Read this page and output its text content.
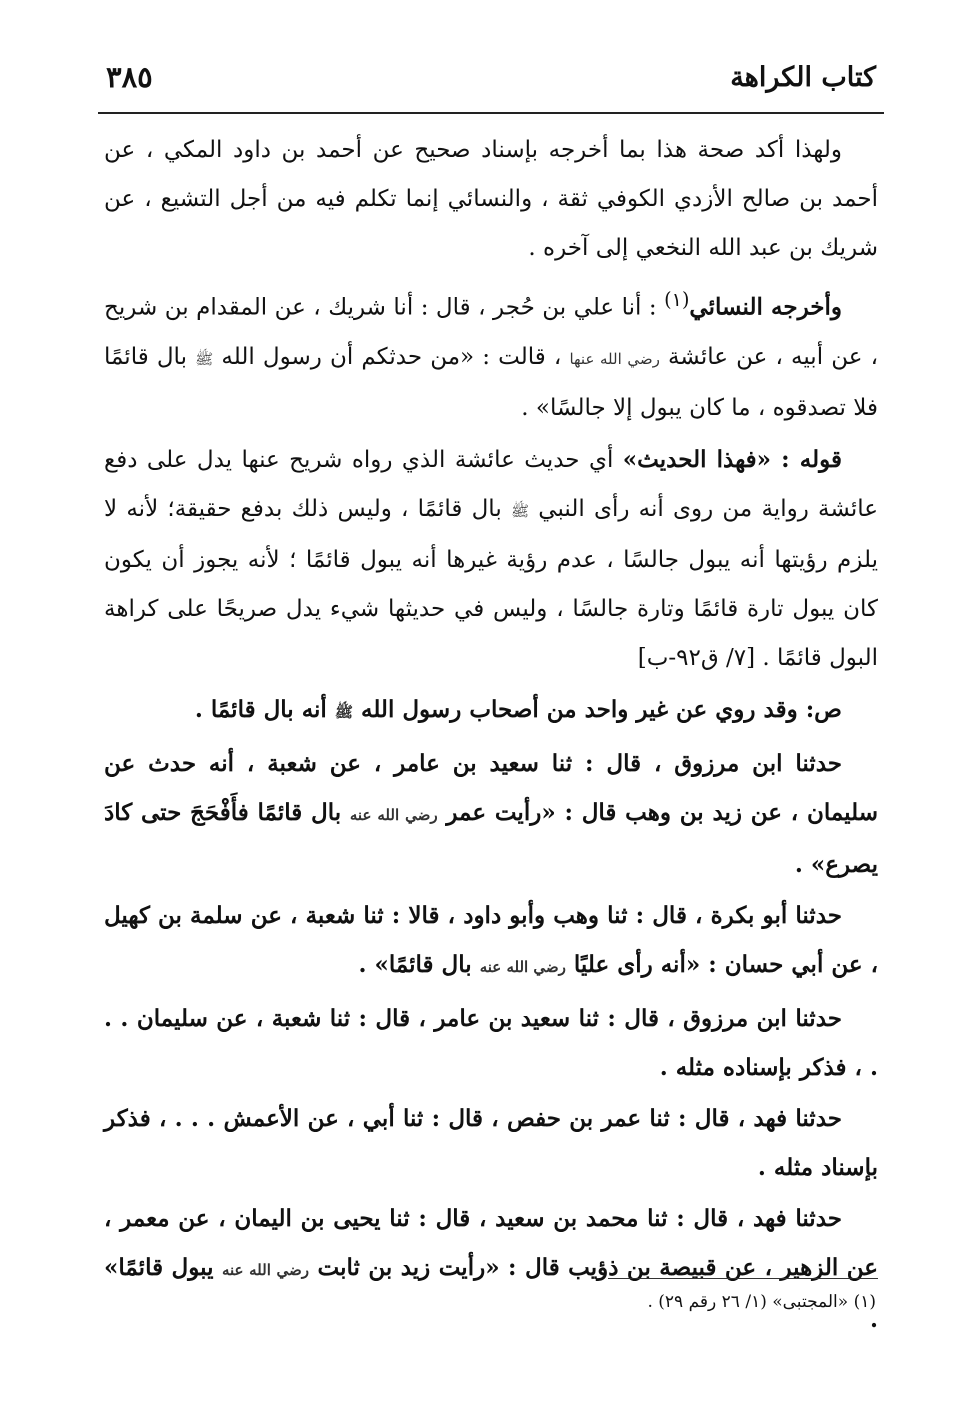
كتاب الكراهة
٣٨٥

ولهذا أكد صحة هذا بما أخرجه بإسناد صحيح عن أحمد بن داود المكي ، عن أحمد بن صالح الأزدي الكوفي ثقة ، والنسائي إنما تكلم فيه من أجل التشيع ، عن شريك بن عبد الله النخعي إلى آخره .

وأخرجه النسائي$^{(١)}$ : أنا علي بن حُجر ، قال : أنا شريك ، عن المقدام بن شريح ، عن أبيه ، عن عائشة رضي الله عنها ، قالت : «من حدثكم أن رسول الله ﷺ بال قائمًا فلا تصدقوه ، ما كان يبول إلا جالسًا» .

قوله : «فهذا الحديث» أي حديث عائشة الذي رواه شريح عنها يدل على دفع عائشة رواية من روى أنه رأى النبي ﷺ بال قائمًا ، وليس ذلك بدفع حقيقة؛ لأنه لا يلزم رؤيتها أنه يبول جالسًا ، عدم رؤية غيرها أنه يبول قائمًا ؛ لأنه يجوز أن يكون كان يبول تارة قائمًا وتارة جالسًا ، وليس في حديثها شيء يدل صريحًا على كراهة البول قائمًا . [٧/ ق٩٢-ب]

ص: وقد روي عن غير واحد من أصحاب رسول الله ﷺ أنه بال قائمًا .

حدثنا ابن مرزوق ، قال : ثنا سعيد بن عامر ، عن شعبة ، أنه حدث عن سليمان ، عن زيد بن وهب قال : «رأيت عمر رضي الله عنه بال قائمًا فأَفْحَجَ حتى كادَ يصرع» .

حدثنا أبو بكرة ، قال : ثنا وهب وأبو داود ، قالا : ثنا شعبة ، عن سلمة بن كهيل ، عن أبي حسان : «أنه رأى عليًا رضي الله عنه بال قائمًا» .

حدثنا ابن مرزوق ، قال : ثنا سعيد بن عامر ، قال : ثنا شعبة ، عن سليمان . . . ، فذكر بإسناده مثله .

حدثنا فهد ، قال : ثنا عمر بن حفص ، قال : ثنا أبي ، عن الأعمش . . . ، فذكر بإسناد مثله .

حدثنا فهد ، قال : ثنا محمد بن سعيد ، قال : ثنا يحيى بن اليمان ، عن معمر ، عن الزهير ، عن قبيصة بن ذؤيب قال : «رأيت زيد بن ثابت رضي الله عنه يبول قائمًا» .

(١) «المجتبى» (١/ ٢٦ رقم ٢٩) .
